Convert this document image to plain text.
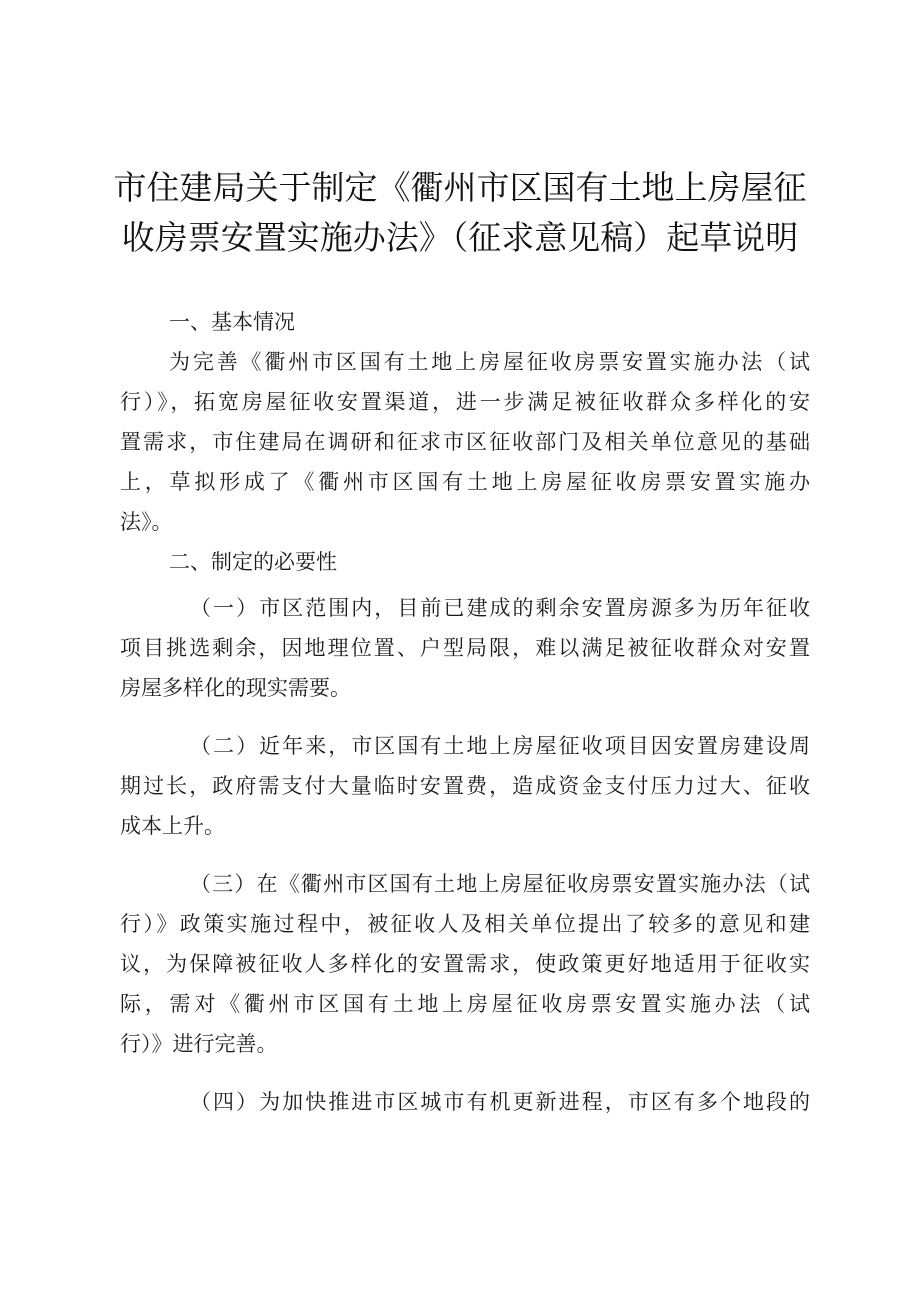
市住建局关于制定《衢州市区国有土地上房屋征
收房票安置实施办法》（征求意见稿）起草说明
一、基本情况
为完善《衢州市区国有土地上房屋征收房票安置实施办法（试
行）》，拓宽房屋征收安置渠道，进一步满足被征收群众多样化的安
置需求，市住建局在调研和征求市区征收部门及相关单位意见的基础
上，草拟形成了《衢州市区国有土地上房屋征收房票安置实施办
法》。
二、制定的必要性
（一）市区范围内，目前已建成的剩余安置房源多为历年征收
项目挑选剩余，因地理位置、户型局限，难以满足被征收群众对安置
房屋多样化的现实需要。
（二）近年来，市区国有土地上房屋征收项目因安置房建设周
期过长，政府需支付大量临时安置费，造成资金支付压力过大、征收
成本上升。
（三）在《衢州市区国有土地上房屋征收房票安置实施办法（试
行）》政策实施过程中，被征收人及相关单位提出了较多的意见和建
议，为保障被征收人多样化的安置需求，使政策更好地适用于征收实
际，需对《衢州市区国有土地上房屋征收房票安置实施办法（试
行）》进行完善。
（四）为加快推进市区城市有机更新进程，市区有多个地段的
